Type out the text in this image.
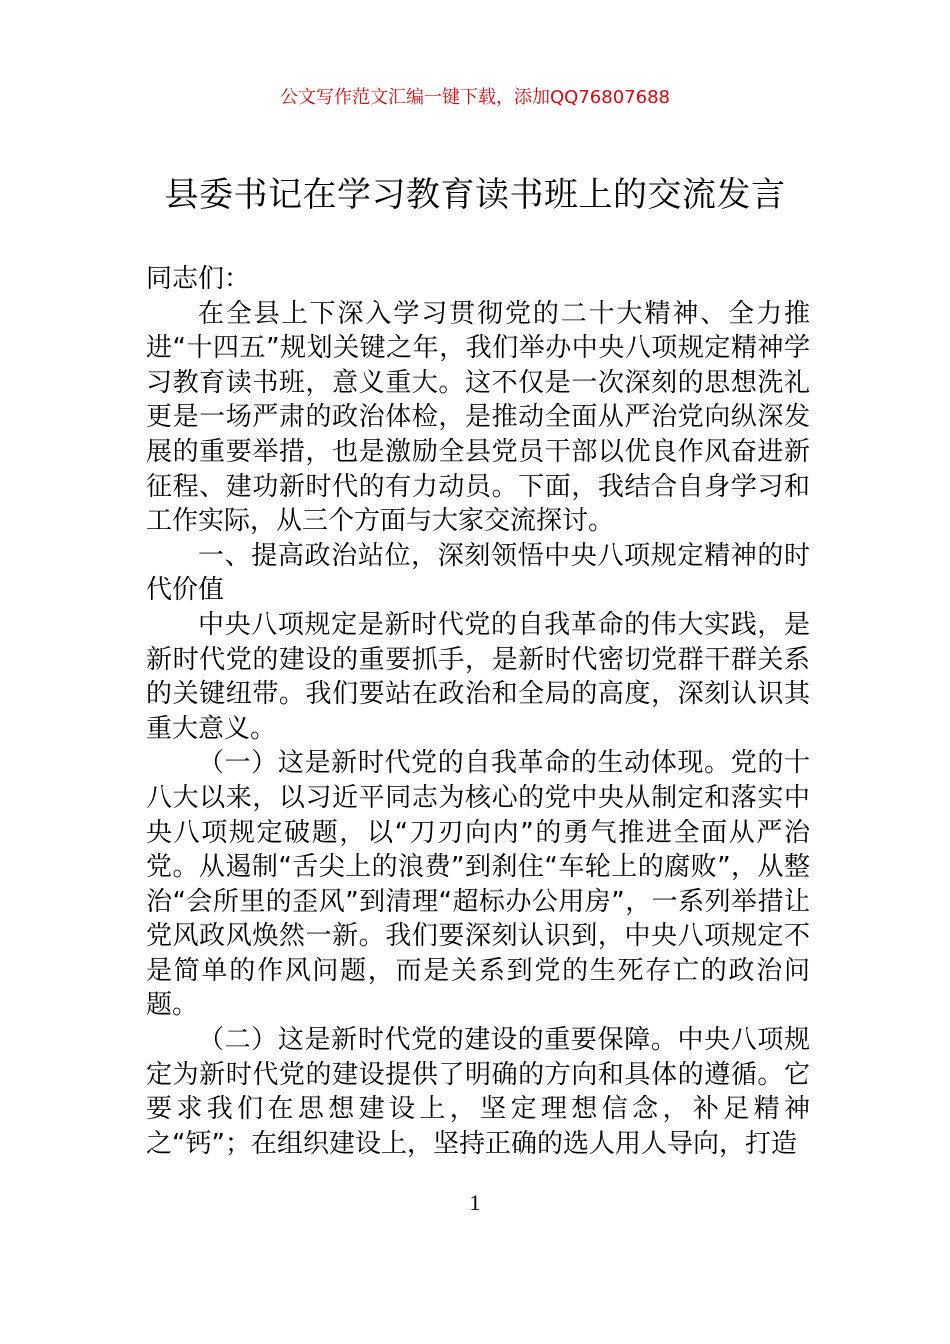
公文写作范文汇编一键下载，添加QQ76807688
县委书记在学习教育读书班上的交流发言

同志们：

在全县上下深入学习贯彻党的二十大精神、全力推进“十四五”规划关键之年，我们举办中央八项规定精神学习教育读书班，意义重大。这不仅是一次深刻的思想洗礼更是一场严肃的政治体检，是推动全面从严治党向纵深发展的重要举措，也是激励全县党员干部以优良作风奋进新征程、建功新时代的有力动员。下面，我结合自身学习和工作实际，从三个方面与大家交流探讨。

一、提高政治站位，深刻领悟中央八项规定精神的时代价值

中央八项规定是新时代党的自我革命的伟大实践，是新时代党的建设的重要抓手，是新时代密切党群干群关系的关键纽带。我们要站在政治和全局的高度，深刻认识其重大意义。

（一）这是新时代党的自我革命的生动体现。党的十八大以来，以习近平同志为核心的党中央从制定和落实中央八项规定破题，以“刀刃向内”的勇气推进全面从严治党。从遏制“舌尖上的浪费”到刹住“车轮上的腐败”，从整治“会所里的歪风”到清理“超标办公用房”，一系列举措让党风政风焕然一新。我们要深刻认识到，中央八项规定不是简单的作风问题，而是关系到党的生死存亡的政治问题。

（二）这是新时代党的建设的重要保障。中央八项规定为新时代党的建设提供了明确的方向和具体的遵循。它要求我们在思想建设上，坚定理想信念，补足精神之“钙”；在组织建设上，坚持正确的选人用人导向，打造

1
